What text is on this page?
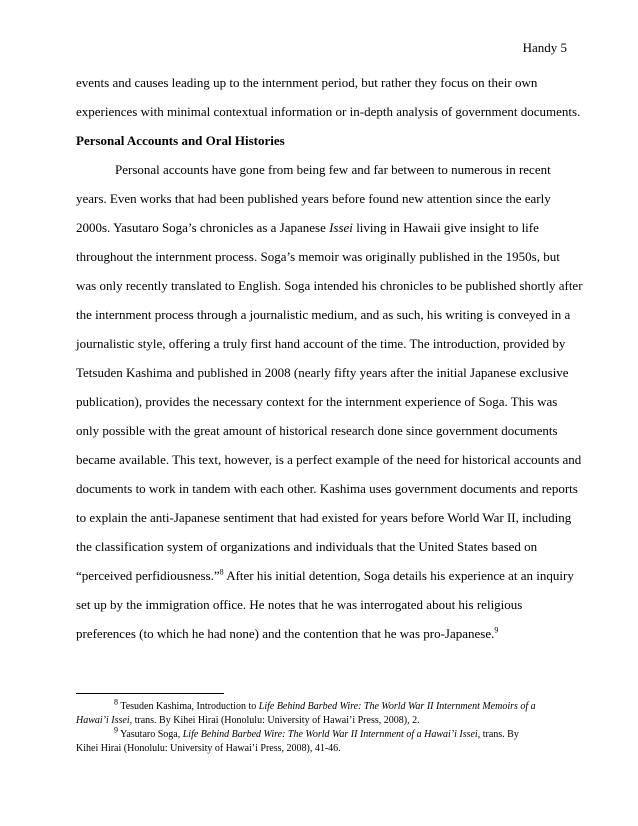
Handy 5
events and causes leading up to the internment period, but rather they focus on their own
experiences with minimal contextual information or in-depth analysis of government documents.
Personal Accounts and Oral Histories
Personal accounts have gone from being few and far between to numerous in recent
years. Even works that had been published years before found new attention since the early
2000s. Yasutaro Soga’s chronicles as a Japanese Issei living in Hawaii give insight to life
throughout the internment process. Soga’s memoir was originally published in the 1950s, but
was only recently translated to English. Soga intended his chronicles to be published shortly after
the internment process through a journalistic medium, and as such, his writing is conveyed in a
journalistic style, offering a truly first hand account of the time. The introduction, provided by
Tetsuden Kashima and published in 2008 (nearly fifty years after the initial Japanese exclusive
publication), provides the necessary context for the internment experience of Soga. This was
only possible with the great amount of historical research done since government documents
became available. This text, however, is a perfect example of the need for historical accounts and
documents to work in tandem with each other. Kashima uses government documents and reports
to explain the anti-Japanese sentiment that had existed for years before World War II, including
the classification system of organizations and individuals that the United States based on
“perceived perfidiousness.”$^8$ After his initial detention, Soga details his experience at an inquiry
set up by the immigration office. He notes that he was interrogated about his religious
preferences (to which he had none) and the contention that he was pro-Japanese.$^9$
$^8$ Tesuden Kashima, Introduction to Life Behind Barbed Wire: The World War II Internment Memoirs of a
Hawai’i Issei, trans. By Kihei Hirai (Honolulu: University of Hawai’i Press, 2008), 2.
$^9$ Yasutaro Soga, Life Behind Barbed Wire: The World War II Internment of a Hawai’i Issei, trans. By
Kihei Hirai (Honolulu: University of Hawai’i Press, 2008), 41-46.
